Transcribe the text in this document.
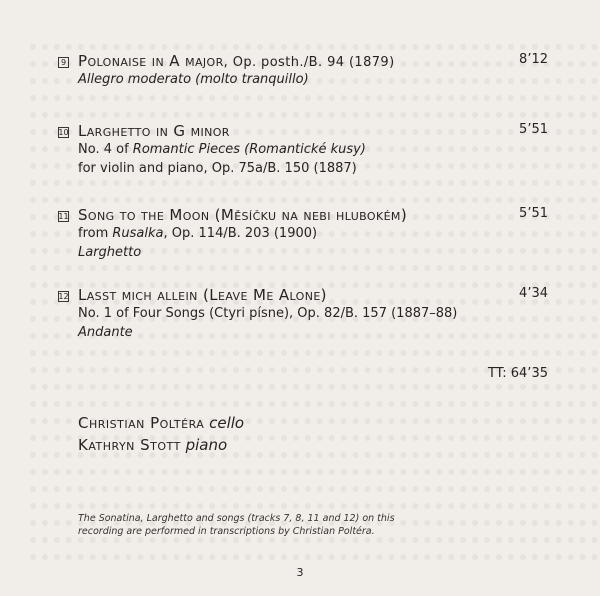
9 Polonaise in A major, Op. posth./B. 94 (1879)	8’12
Allegro moderato (molto tranquillo)
10 Larghetto in G minor	5’51
No. 4 of Romantic Pieces (Romantické kusy)
for violin and piano, Op. 75a/B. 150 (1887)
11 Song to the Moon (Měsíčku na nebi hlubokém)	5’51
from Rusalka, Op. 114/B. 203 (1900)
Larghetto
12 Lasst mich allein (Leave Me Alone)	4’34
No. 1 of Four Songs (Ctyri písne), Op. 82/B. 157 (1887–88)
Andante
TT: 64’35
Christian Poltéra cello
Kathryn Stott piano
The Sonatina, Larghetto and songs (tracks 7, 8, 11 and 12) on this recording are performed in transcriptions by Christian Poltéra.
3
